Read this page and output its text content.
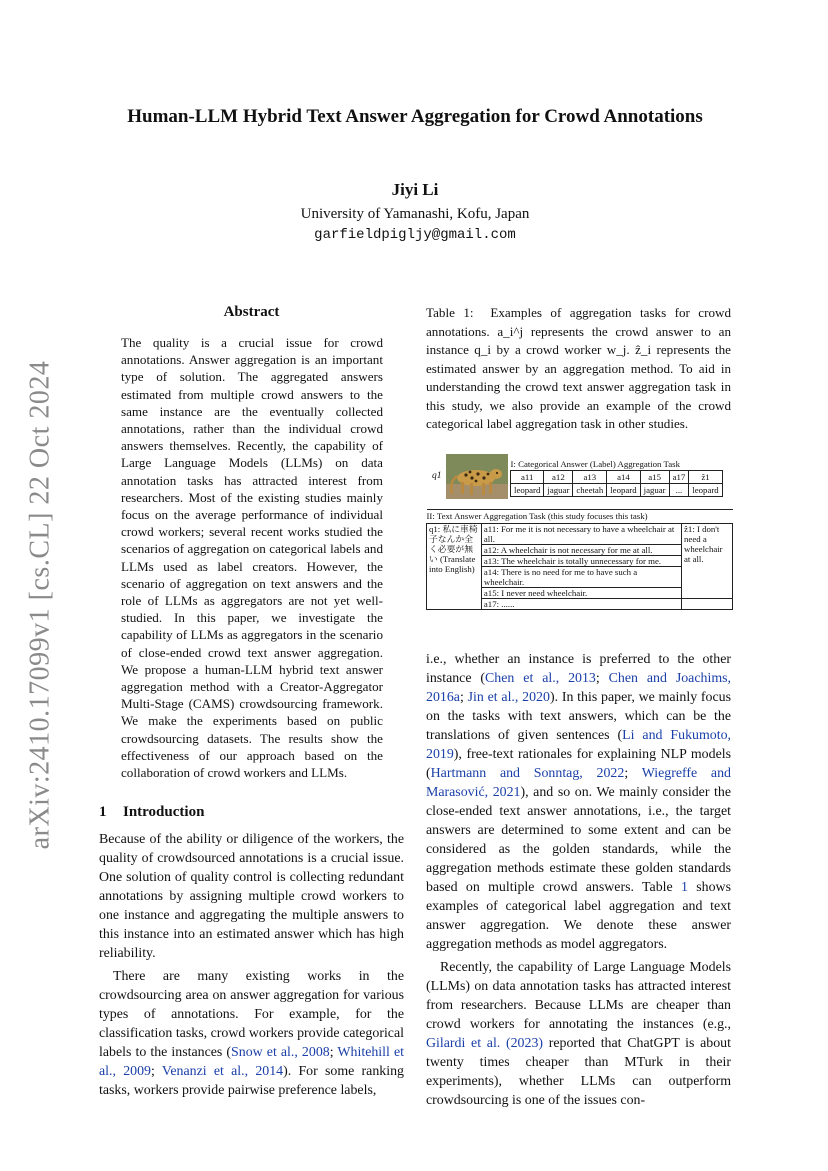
arXiv:2410.17099v1 [cs.CL] 22 Oct 2024
Human-LLM Hybrid Text Answer Aggregation for Crowd Annotations

Jiyi Li

University of Yamanashi, Kofu, Japan

garfieldpigljy@gmail.com

Abstract

The quality is a crucial issue for crowd annotations. Answer aggregation is an important type of solution. The aggregated answers estimated from multiple crowd answers to the same instance are the eventually collected annotations, rather than the individual crowd answers themselves. Recently, the capability of Large Language Models (LLMs) on data annotation tasks has attracted interest from researchers. Most of the existing studies mainly focus on the average performance of individual crowd workers; several recent works studied the scenarios of aggregation on categorical labels and LLMs used as label creators. However, the scenario of aggregation on text answers and the role of LLMs as aggregators are not yet well-studied. In this paper, we investigate the capability of LLMs as aggregators in the scenario of close-ended crowd text answer aggregation. We propose a human-LLM hybrid text answer aggregation method with a Creator-Aggregator Multi-Stage (CAMS) crowdsourcing framework. We make the experiments based on public crowdsourcing datasets. The results show the effectiveness of our approach based on the collaboration of crowd workers and LLMs.

1 Introduction

Because of the ability or diligence of the workers, the quality of crowdsourced annotations is a crucial issue. One solution of quality control is collecting redundant annotations by assigning multiple crowd workers to one instance and aggregating the multiple answers to this instance into an estimated answer which has high reliability.

There are many existing works in the crowdsourcing area on answer aggregation for various types of annotations. For example, for the classification tasks, crowd workers provide categorical labels to the instances (Snow et al., 2008; Whitehill et al., 2009; Venanzi et al., 2014). For some ranking tasks, workers provide pairwise preference labels,

Table 1: Examples of aggregation tasks for crowd annotations. a_i^j represents the crowd answer to an instance q_i by a crowd worker w_j. ẑ_i represents the estimated answer by an aggregation method. To aid in understanding the crowd text answer aggregation task in this study, we also provide an example of the crowd categorical label aggregation task in other studies.

q1
I: Categorical Answer (Label) Aggregation Task						
a11	a12	a13	a14	a15	a17	ẑ1
leopard	jaguar	cheetah	leopard	jaguar	...	leopard
II: Text Answer Aggregation Task (this study focuses this task)		
q1: 私に車椅子なんか全く必要が無い (Translate into English)	a11: For me it is not necessary to have a wheelchair at all.	ẑ1: I don't need a wheelchair at all.
	a12: A wheelchair is not necessary for me at all.	
	a13: The wheelchair is totally unnecessary for me.	
	a14: There is no need for me to have such a wheelchair.	
	a15: I never need wheelchair.	
	a17: ......	

i.e., whether an instance is preferred to the other instance (Chen et al., 2013; Chen and Joachims, 2016a; Jin et al., 2020). In this paper, we mainly focus on the tasks with text answers, which can be the translations of given sentences (Li and Fukumoto, 2019), free-text rationales for explaining NLP models (Hartmann and Sonntag, 2022; Wiegreffe and Marasović, 2021), and so on. We mainly consider the close-ended text answer annotations, i.e., the target answers are determined to some extent and can be considered as the golden standards, while the aggregation methods estimate these golden standards based on multiple crowd answers. Table 1 shows examples of categorical label aggregation and text answer aggregation. We denote these answer aggregation methods as model aggregators.

Recently, the capability of Large Language Models (LLMs) on data annotation tasks has attracted interest from researchers. Because LLMs are cheaper than crowd workers for annotating the instances (e.g., Gilardi et al. (2023) reported that ChatGPT is about twenty times cheaper than MTurk in their experiments), whether LLMs can outperform crowdsourcing is one of the issues con-
